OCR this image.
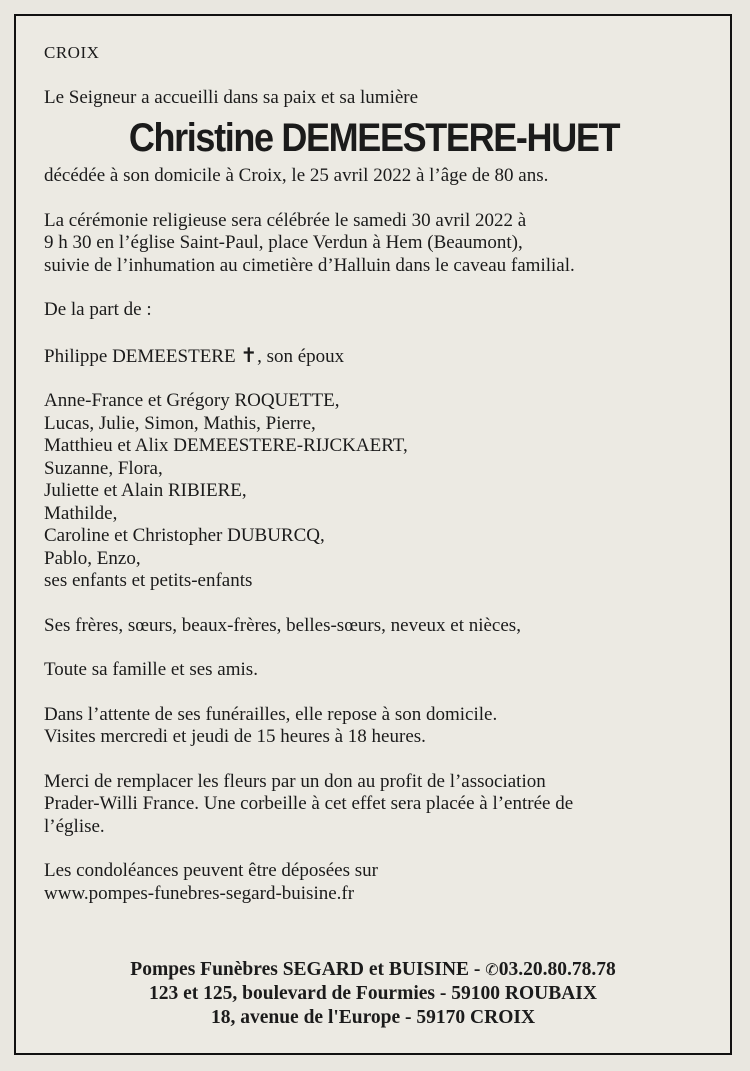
CROIX
Le Seigneur a accueilli dans sa paix et sa lumière
Christine DEMEESTERE-HUET
décédée à son domicile à Croix, le 25 avril 2022 à l’âge de 80 ans.
La cérémonie religieuse sera célébrée le samedi 30 avril 2022 à
9 h 30 en l’église Saint-Paul, place Verdun à Hem (Beaumont),
suivie de l’inhumation au cimetière d’Halluin dans le caveau familial.
De la part de :
Philippe DEMEESTERE ✝, son époux
Anne-France et Grégory ROQUETTE,
Lucas, Julie, Simon, Mathis, Pierre,
Matthieu et Alix DEMEESTERE-RIJCKAERT,
Suzanne, Flora,
Juliette et Alain RIBIERE,
Mathilde,
Caroline et Christopher DUBURCQ,
Pablo, Enzo,
ses enfants et petits-enfants
Ses frères, sœurs, beaux-frères, belles-sœurs, neveux et nièces,
Toute sa famille et ses amis.
Dans l’attente de ses funérailles, elle repose à son domicile.
Visites mercredi et jeudi de 15 heures à 18 heures.
Merci de remplacer les fleurs par un don au profit de l’association
Prader-Willi France. Une corbeille à cet effet sera placée à l’entrée de
l’église.
Les condoléances peuvent être déposées sur
www.pompes-funebres-segard-buisine.fr
Pompes Funèbres SEGARD et BUISINE - ✆03.20.80.78.78
123 et 125, boulevard de Fourmies - 59100 ROUBAIX
18, avenue de l'Europe - 59170 CROIX
